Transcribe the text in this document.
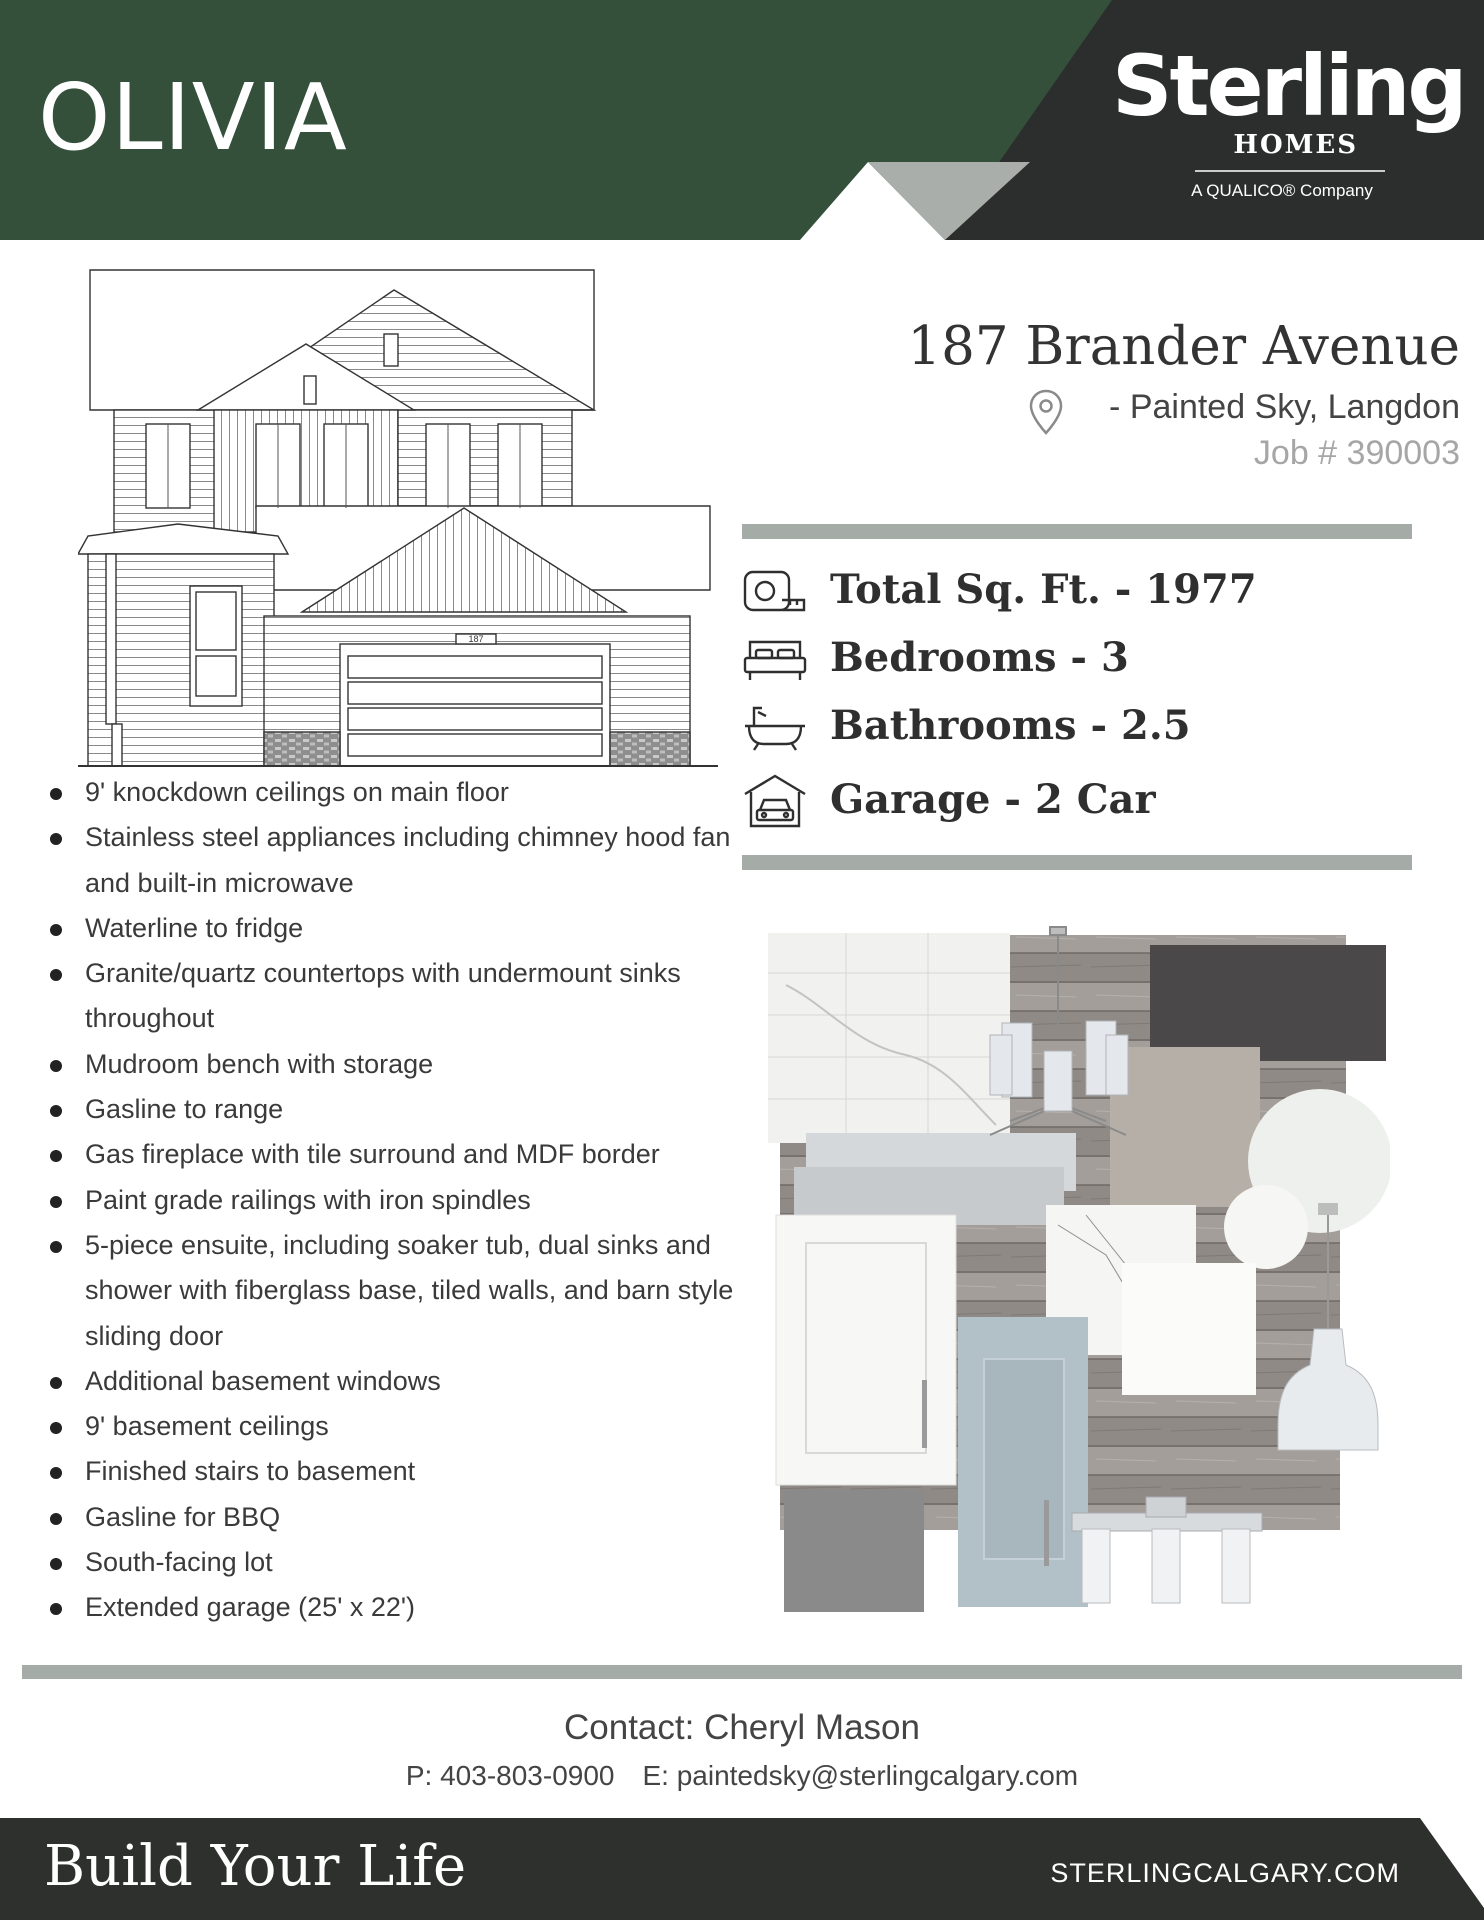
OLIVIA	Sterling
HOMES
A QUALICO® Company
187
187 Brander Avenue
- Painted Sky, Langdon
Job # 390003
Total Sq. Ft. - 1977
Bedrooms - 3
Bathrooms - 2.5
Garage - 2 Car
9' knockdown ceilings on main floor
Stainless steel appliances including chimney hood fan and built-in microwave
Waterline to fridge
Granite/quartz countertops with undermount sinks throughout
Mudroom bench with storage
Gasline to range
Gas fireplace with tile surround and MDF border
Paint grade railings with iron spindles
5-piece ensuite, including soaker tub, dual sinks and shower with fiberglass base, tiled walls, and barn style sliding door
Additional basement windows
9' basement ceilings
Finished stairs to basement
Gasline for BBQ
South-facing lot
Extended garage (25' x 22')
Contact: Cheryl Mason
P: 403-803-0900 E: paintedsky@sterlingcalgary.com
Build Your Life	STERLINGCALGARY.COM
